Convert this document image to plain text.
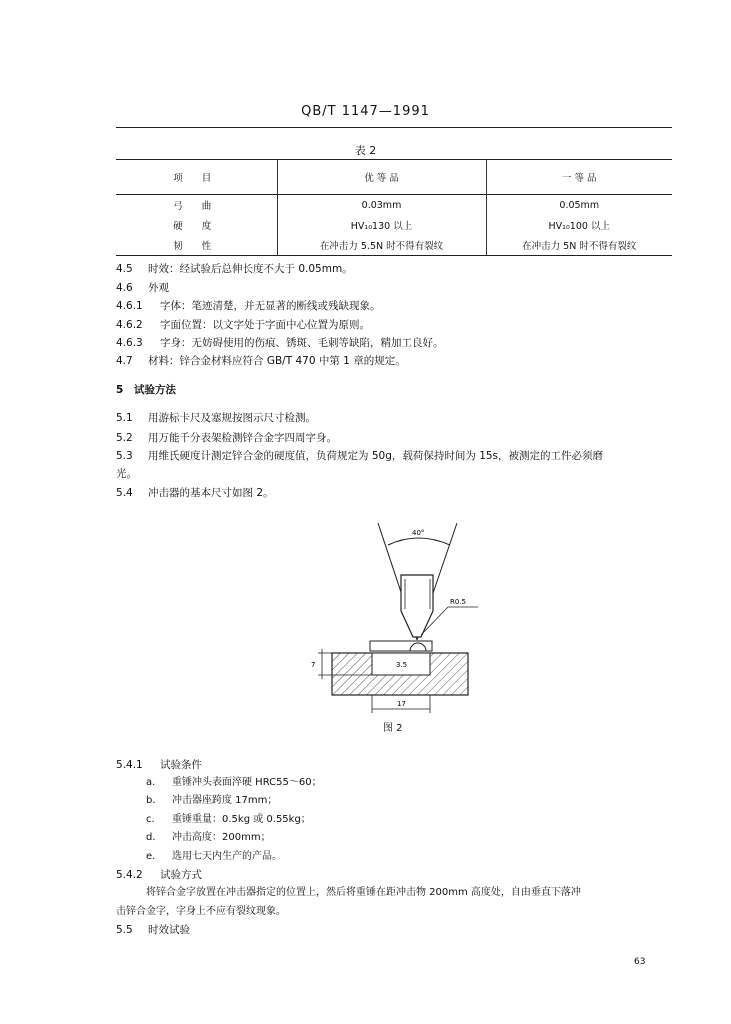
QB/T 1147—1991
表 2
项 目	优 等 品	一 等 品
弓 曲	0.03mm	0.05mm
硬 度	HV₁₀130 以上	HV₁₀100 以上
韧 性	在冲击力 5.5N 时不得有裂纹	在冲击力 5N 时不得有裂纹
4.5 时效：经试验后总伸长度不大于 0.05mm。
4.6 外观
4.6.1 字体：笔迹清楚，并无显著的断线或残缺现象。
4.6.2 字面位置：以文字处于字面中心位置为原则。
4.6.3 字身：无妨碍使用的伤痕、锈斑、毛刺等缺陷，精加工良好。
4.7 材料：锌合金材料应符合 GB/T 470 中第 1 章的规定。
5 试验方法
5.1 用游标卡尺及塞规按图示尺寸检测。
5.2 用万能千分表架检测锌合金字四周字身。
5.3 用维氏硬度计测定锌合金的硬度值，负荷规定为 50g，载荷保持时间为 15s，被测定的工件必须磨
光。
5.4 冲击器的基本尺寸如图 2。
40°
R0.5
3.5
7
17
图 2
5.4.1 试验条件
a. 重锤冲头表面淬硬 HRC55～60；
b. 冲击器座跨度 17mm；
c. 重锤重量：0.5kg 或 0.55kg；
d. 冲击高度：200mm；
e. 选用七天内生产的产品。
5.4.2 试验方式
将锌合金字放置在冲击器指定的位置上，然后将重锤在距冲击物 200mm 高度处，自由垂直下落冲
击锌合金字，字身上不应有裂纹现象。
5.5 时效试验
63
